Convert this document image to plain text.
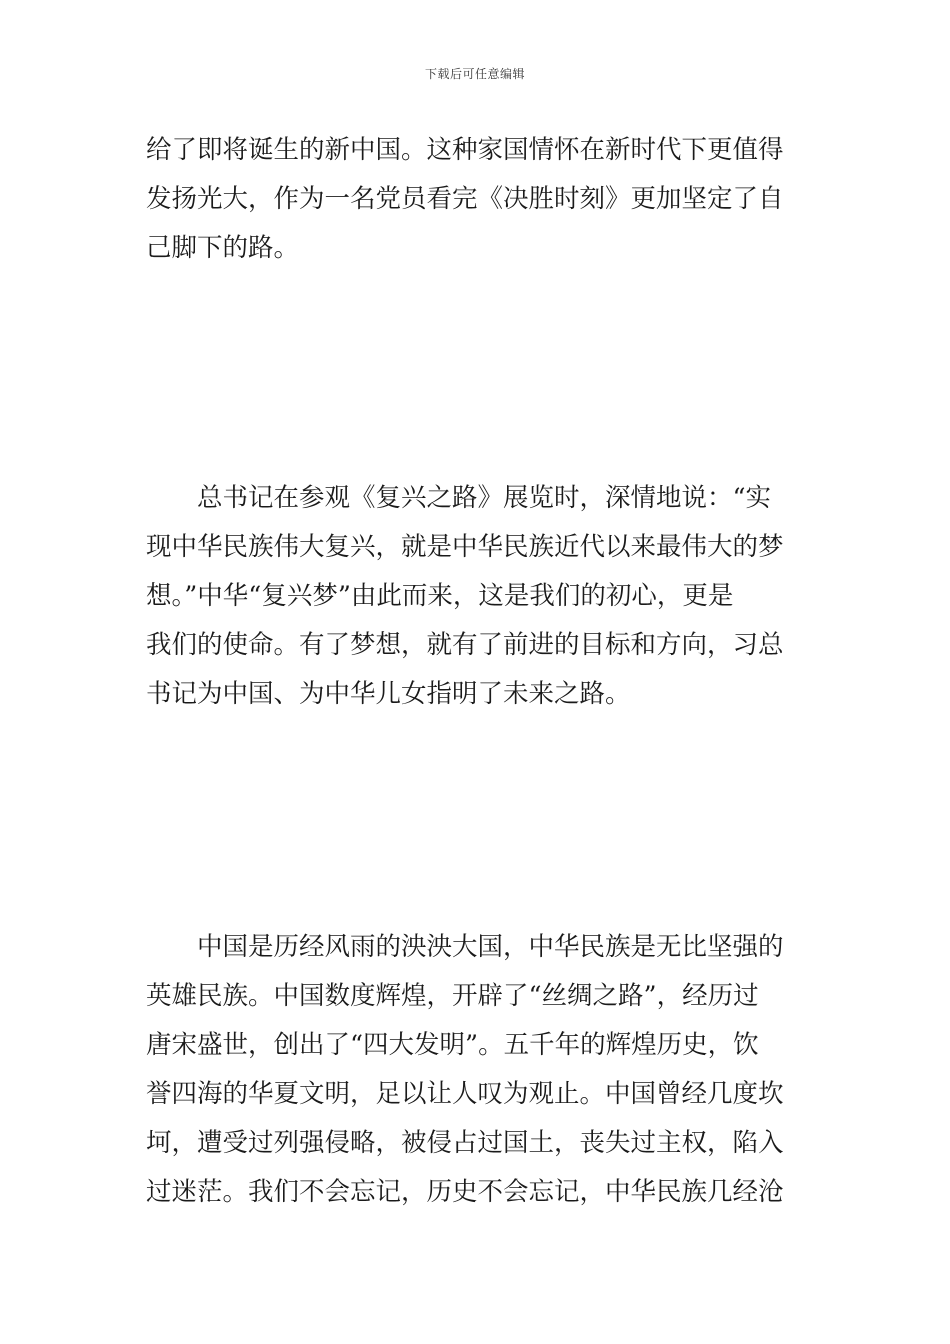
下载后可任意编辑
给了即将诞生的新中国。这种家国情怀在新时代下更值得
发扬光大，作为一名党员看完《决胜时刻》更加坚定了自
己脚下的路。
　　总书记在参观《复兴之路》展览时，深情地说：“实
现中华民族伟大复兴，就是中华民族近代以来最伟大的梦
想。”中华“复兴梦”由此而来，这是我们的初心，更是
我们的使命。有了梦想，就有了前进的目标和方向，习总
书记为中国、为中华儿女指明了未来之路。
　　中国是历经风雨的泱泱大国，中华民族是无比坚强的
英雄民族。中国数度辉煌，开辟了“丝绸之路”，经历过
唐宋盛世，创出了“四大发明”。五千年的辉煌历史，饮
誉四海的华夏文明，足以让人叹为观止。中国曾经几度坎
坷，遭受过列强侵略，被侵占过国土，丧失过主权，陷入
过迷茫。我们不会忘记，历史不会忘记，中华民族几经沧
